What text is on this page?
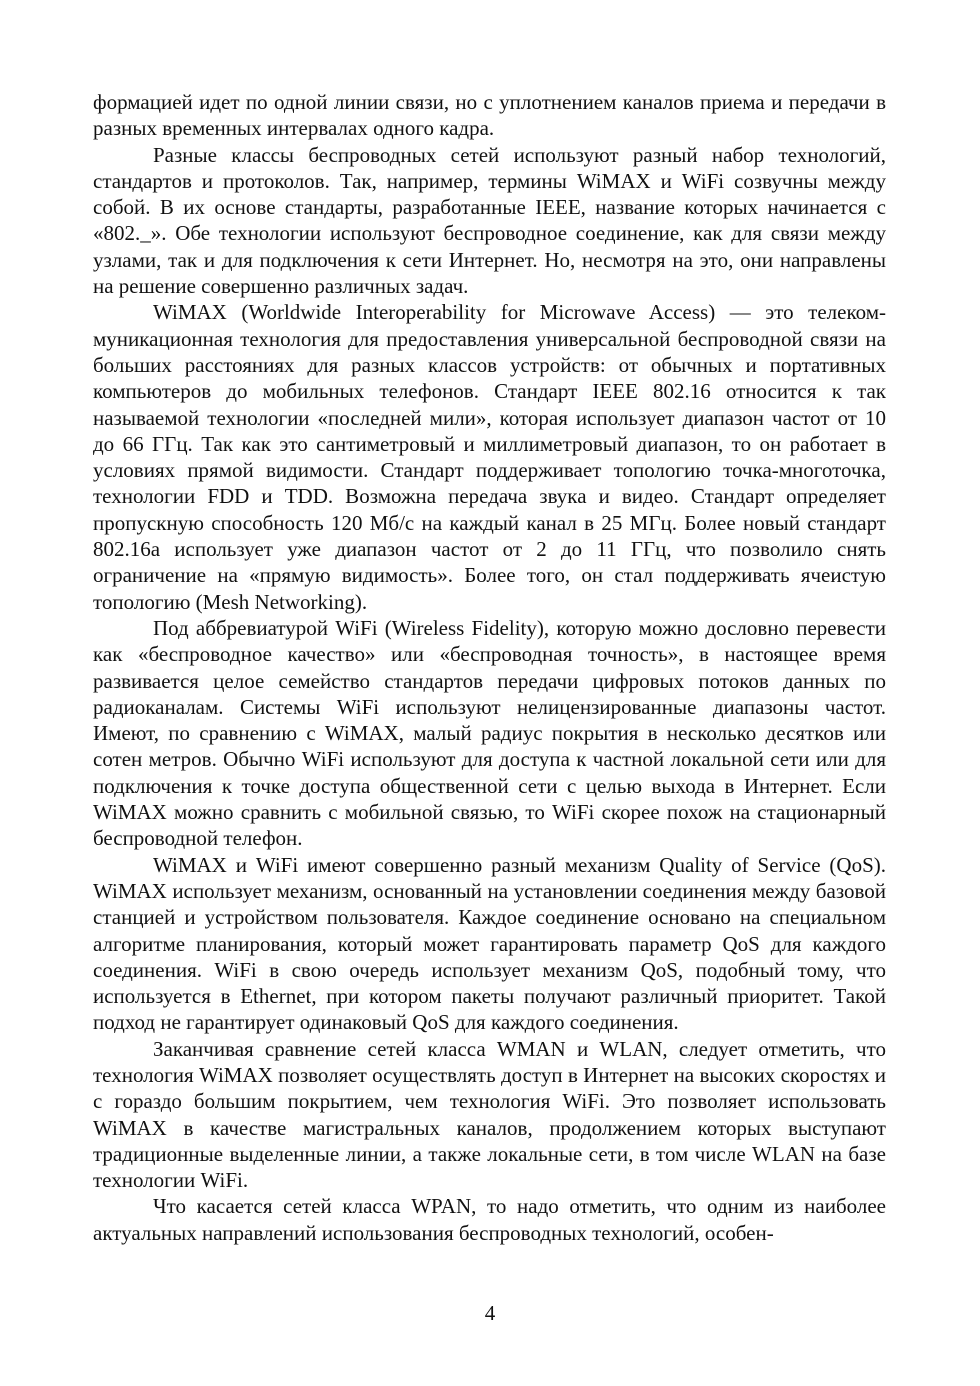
формацией идет по одной линии связи, но с уплотнением каналов приема и передачи в разных временных интервалах одного кадра.

Разные классы беспроводных сетей используют разный набор технологий, стандартов и протоколов. Так, например, термины WiMAX и WiFi созвучны между собой. В их основе стандарты, разработанные IEEE, название которых начинается с «802._». Обе технологии используют беспроводное соединение, как для связи между узлами, так и для подключения к сети Интернет. Но, несмотря на это, они направлены на решение совершенно различных задач.

WiMAX (Worldwide Interoperability for Microwave Access) — это телекоммуникационная технология для предоставления универсальной беспроводной связи на больших расстояниях для разных классов устройств: от обычных и портативных компьютеров до мобильных телефонов. Стандарт IEEE 802.16 относится к так называемой технологии «последней мили», которая использует диапазон частот от 10 до 66 ГГц. Так как это сантиметровый и миллиметровый диапазон, то он работает в условиях прямой видимости. Стандарт поддерживает топологию точка-многоточка, технологии FDD и TDD. Возможна передача звука и видео. Стандарт определяет пропускную способность 120 Мб/с на каждый канал в 25 МГц. Более новый стандарт 802.16a использует уже диапазон частот от 2 до 11 ГГц, что позволило снять ограничение на «прямую видимость». Более того, он стал поддерживать ячеистую топологию (Mesh Networking).

Под аббревиатурой WiFi (Wireless Fidelity), которую можно дословно перевести как «беспроводное качество» или «беспроводная точность», в настоящее время развивается целое семейство стандартов передачи цифровых потоков данных по радиоканалам. Системы WiFi используют нелицензированные диапазоны частот. Имеют, по сравнению с WiMAX, малый радиус покрытия в несколько десятков или сотен метров. Обычно WiFi используют для доступа к частной локальной сети или для подключения к точке доступа общественной сети с целью выхода в Интернет. Если WiMAX можно сравнить с мобильной связью, то WiFi скорее похож на стационарный беспроводной телефон.

WiMAX и WiFi имеют совершенно разный механизм Quality of Service (QoS). WiMAX использует механизм, основанный на установлении соединения между базовой станцией и устройством пользователя. Каждое соединение основано на специальном алгоритме планирования, который может гарантировать параметр QoS для каждого соединения. WiFi в свою очередь использует механизм QoS, подобный тому, что используется в Ethernet, при котором пакеты получают различный приоритет. Такой подход не гарантирует одинаковый QoS для каждого соединения.

Заканчивая сравнение сетей класса WMAN и WLAN, следует отметить, что технология WiMAX позволяет осуществлять доступ в Интернет на высоких скоростях и с гораздо большим покрытием, чем технология WiFi. Это позволяет использовать WiMAX в качестве магистральных каналов, продолжением которых выступают традиционные выделенные линии, а также локальные сети, в том числе WLAN на базе технологии WiFi.

Что касается сетей класса WPAN, то надо отметить, что одним из наиболее актуальных направлений использования беспроводных технологий, особен-

4
